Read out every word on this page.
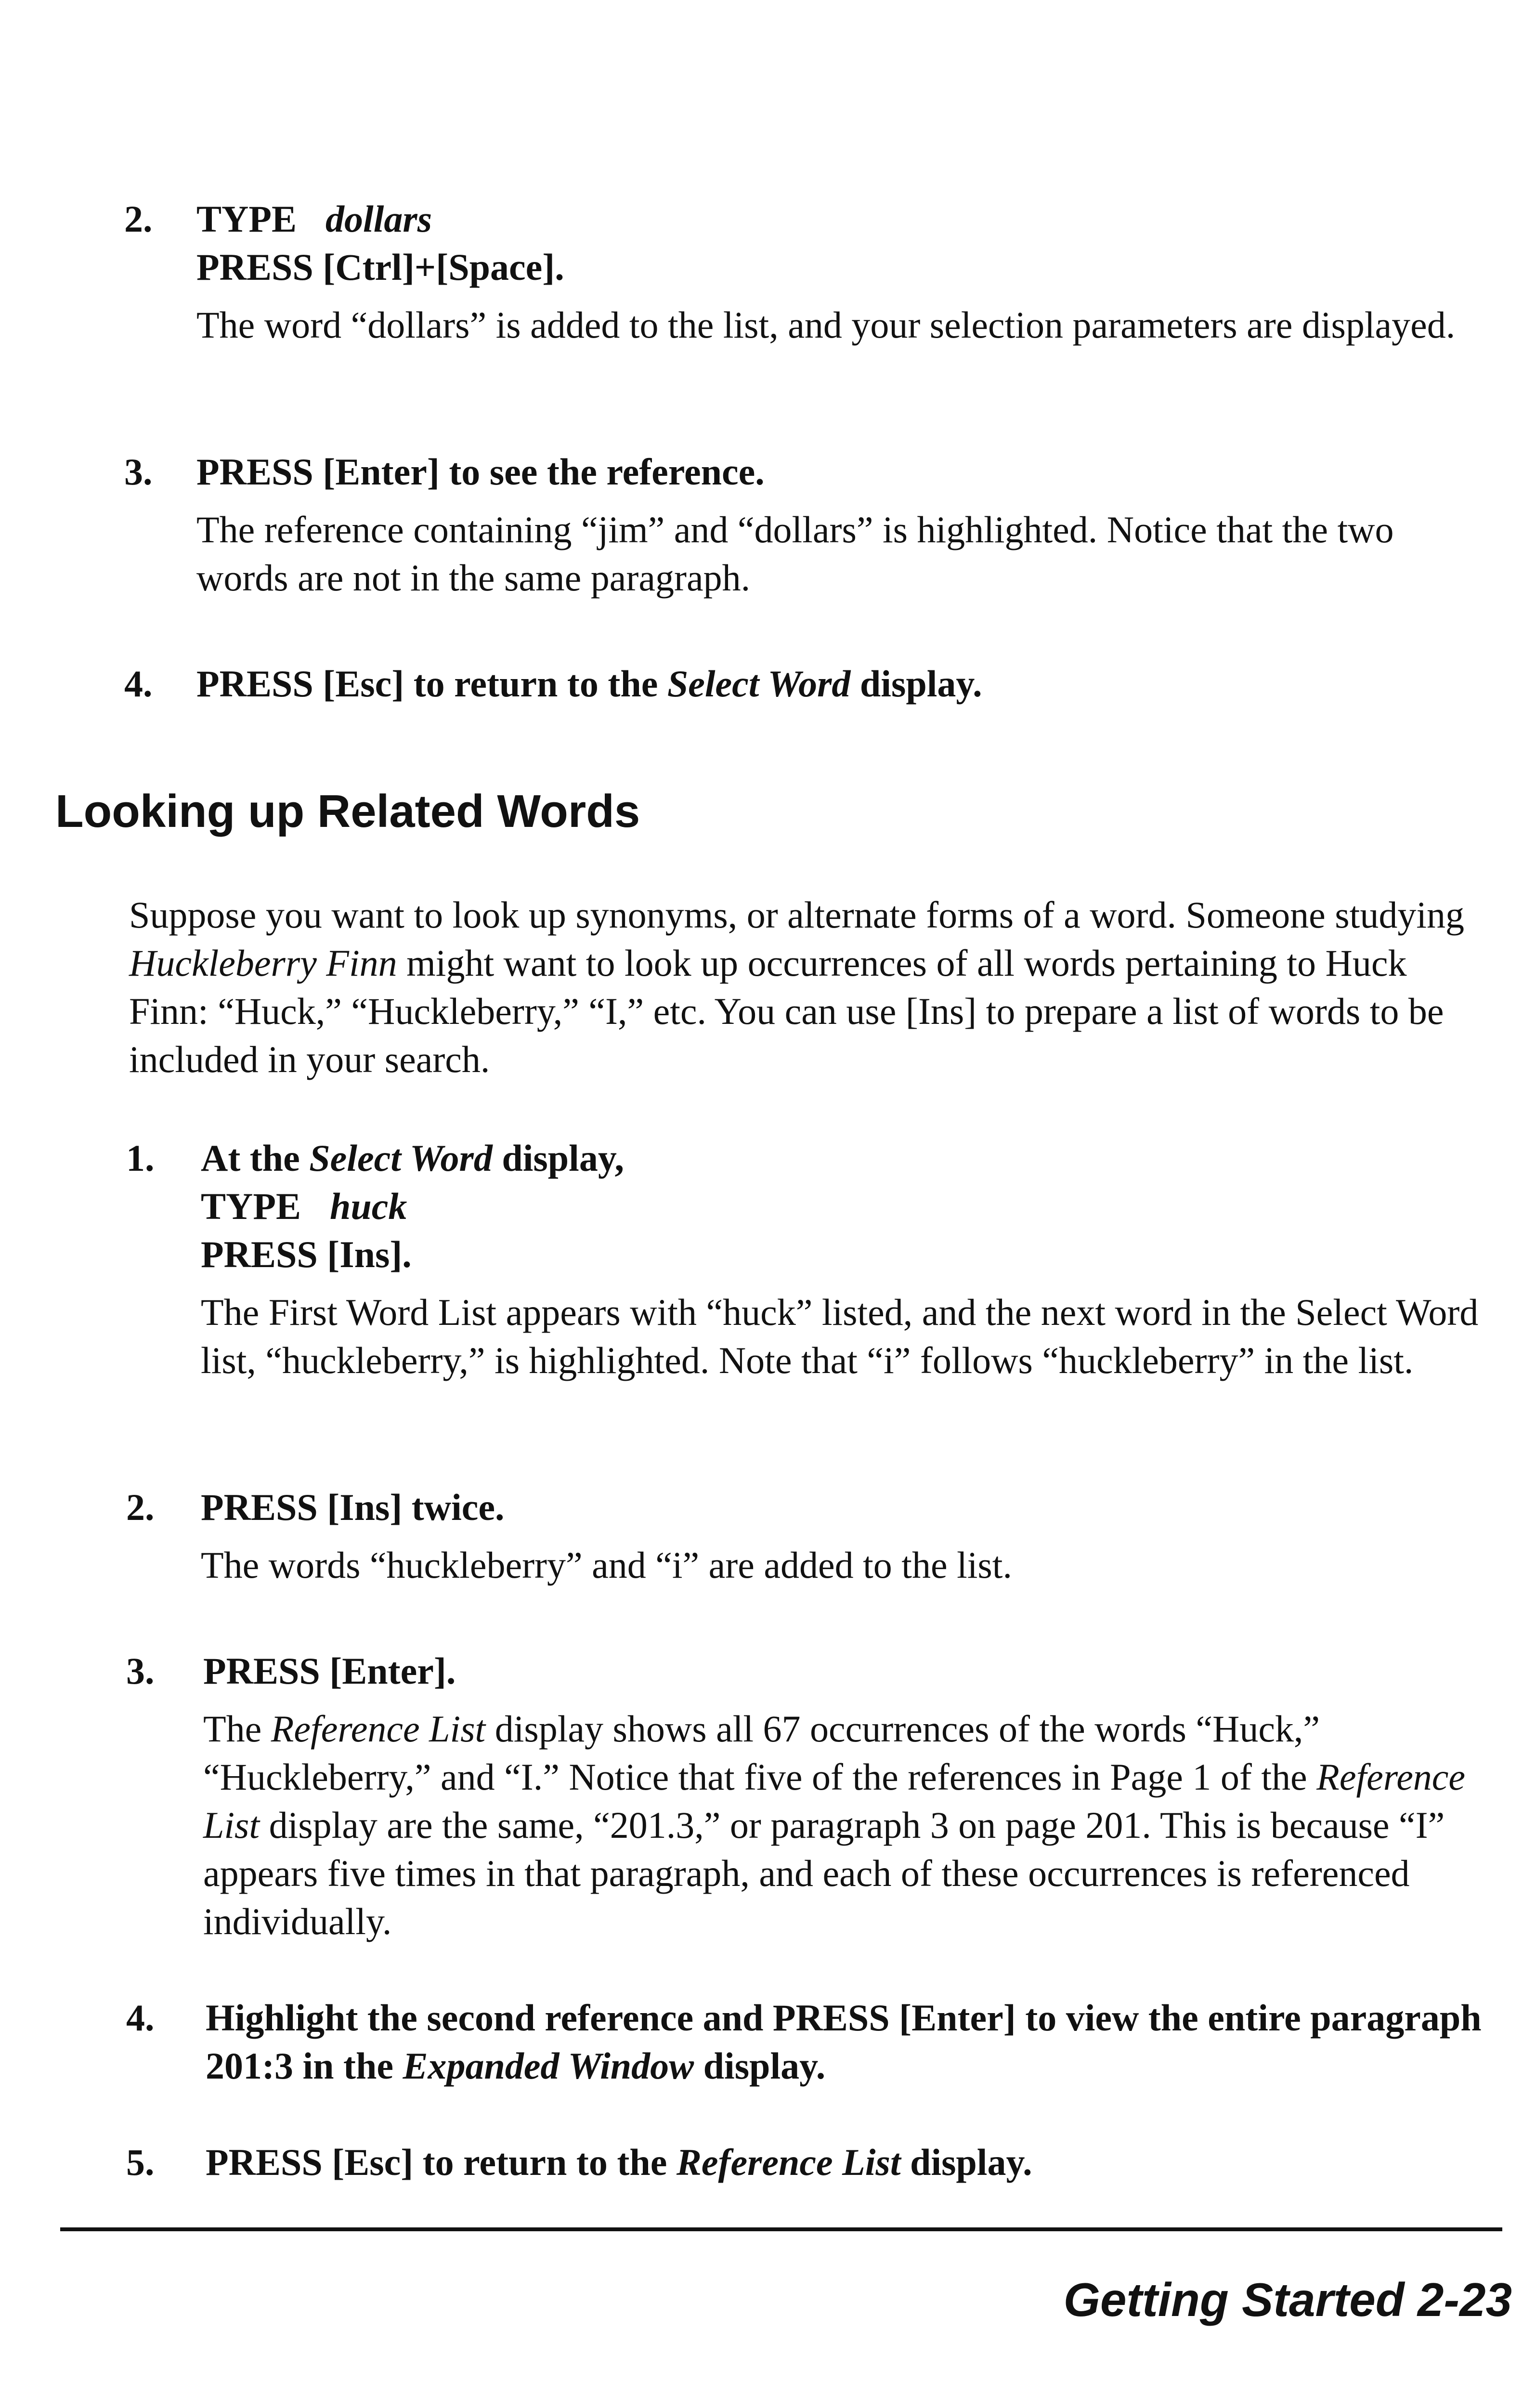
2. TYPE dollars
PRESS [Ctrl]+[Space].
The word “dollars” is added to the list, and your selection parameters are displayed.
3. PRESS [Enter] to see the reference.
The reference containing “jim” and “dollars” is highlighted. Notice that the two words are not in the same paragraph.
4. PRESS [Esc] to return to the Select Word display.
Looking up Related Words
Suppose you want to look up synonyms, or alternate forms of a word. Someone studying Huckleberry Finn might want to look up occurrences of all words pertaining to Huck Finn: “Huck,” “Huckleberry,” “I,” etc. You can use [Ins] to prepare a list of words to be included in your search.
1. At the Select Word display,
TYPE huck
PRESS [Ins].
The First Word List appears with “huck” listed, and the next word in the Select Word list, “huckleberry,” is highlighted. Note that “i” follows “huckleberry” in the list.
2. PRESS [Ins] twice.
The words “huckleberry” and “i” are added to the list.
3. PRESS [Enter].
The Reference List display shows all 67 occurrences of the words “Huck,” “Huckleberry,” and “I.” Notice that five of the references in Page 1 of the Reference List display are the same, “201.3,” or paragraph 3 on page 201. This is because “I” appears five times in that paragraph, and each of these occurrences is referenced individually.
4. Highlight the second reference and PRESS [Enter] to view the entire paragraph 201:3 in the Expanded Window display.
5. PRESS [Esc] to return to the Reference List display.
Getting Started 2-23
